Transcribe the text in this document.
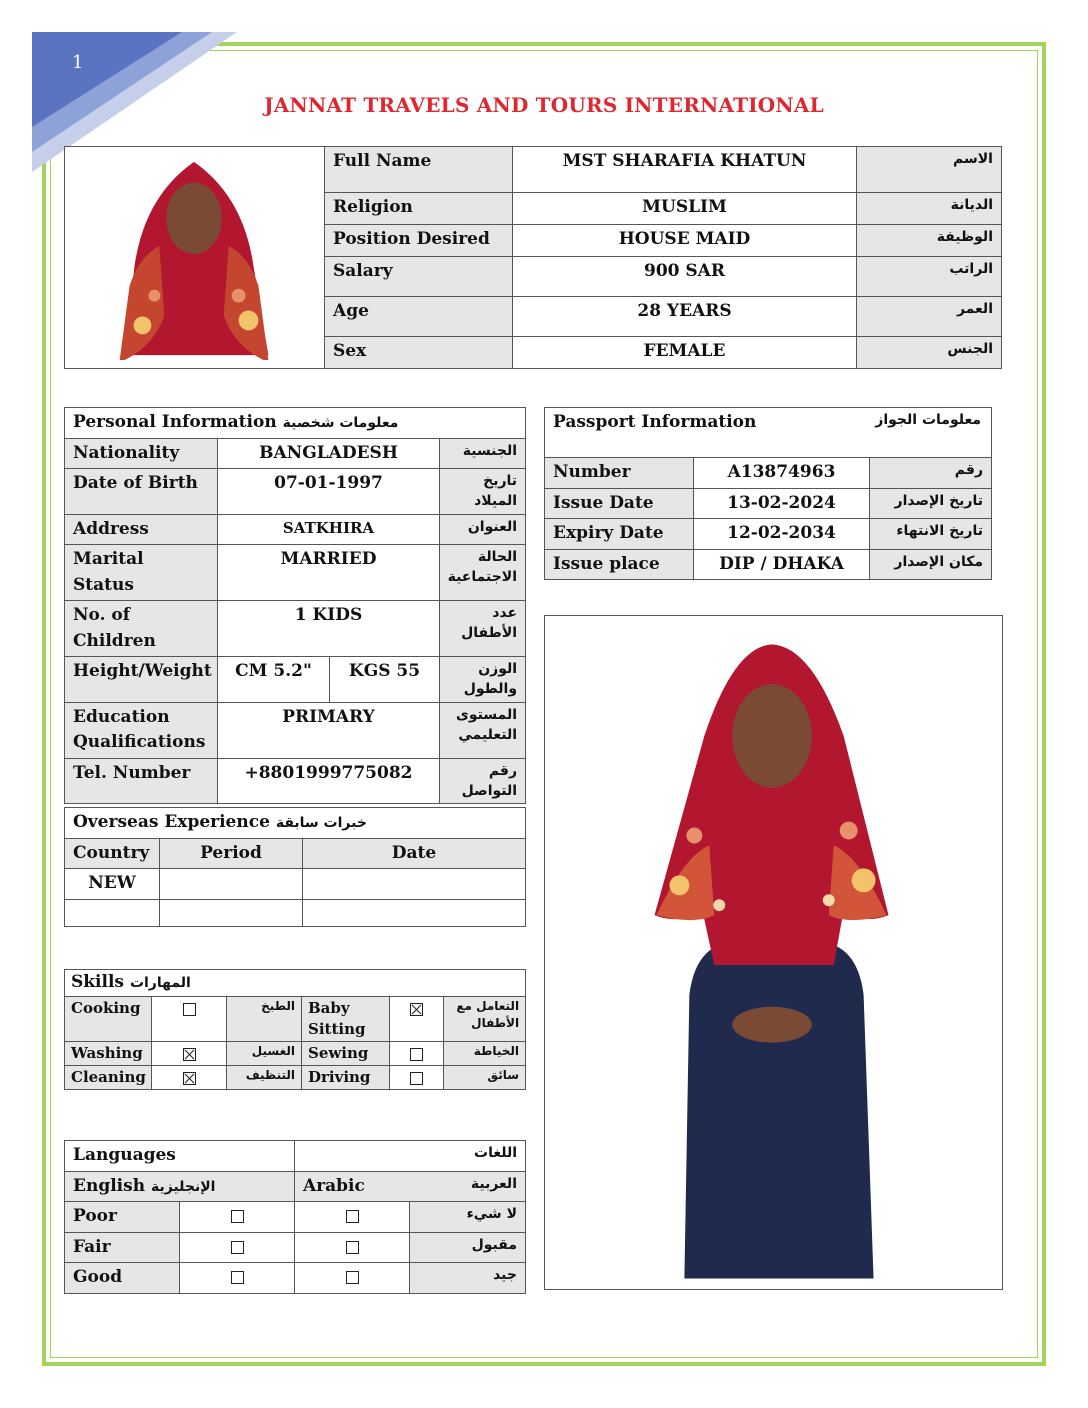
1
JANNAT TRAVELS AND TOURS INTERNATIONAL
	Full Name	MST SHARAFIA KHATUN	الاسم
	Religion	MUSLIM	الديانة
	Position Desired	HOUSE MAID	الوظيفة
	Salary	900 SAR	الراتب
	Age	28 YEARS	العمر
	Sex	FEMALE	الجنس
Personal Information معلومات شخصية			
Nationality	BANGLADESH		الجنسية
Date of Birth	07-01-1997		تاريخ الميلاد
Address	SATKHIRA		العنوان
Marital Status	MARRIED		الحالة الاجتماعية
No. of Children	1 KIDS		عدد الأطفال
Height/Weight	CM 5.2"	KGS 55	الوزن والطول
Education Qualifications	PRIMARY		المستوى التعليمي
Tel. Number	+8801999775082		رقم التواصل
Passport Information معلومات الجواز		

Number	A13874963	رقم
Issue Date	13-02-2024	تاريخ الإصدار
Expiry Date	12-02-2034	تاريخ الانتهاء
Issue place	DIP / DHAKA	مكان الإصدار
Overseas Experience خبرات سابقة		
Country	Period	Date
NEW		

Skills المهارات					
Cooking		الطبخ	Baby Sitting		التعامل مع الأطفال
Washing		الغسيل	Sewing		الخياطة
Cleaning		التنظيف	Driving		سائق
Languages		اللغات	
English الإنجليزية		Arabic العربية	

Poor			لا شيء
Fair			مقبول
Good			جيد
